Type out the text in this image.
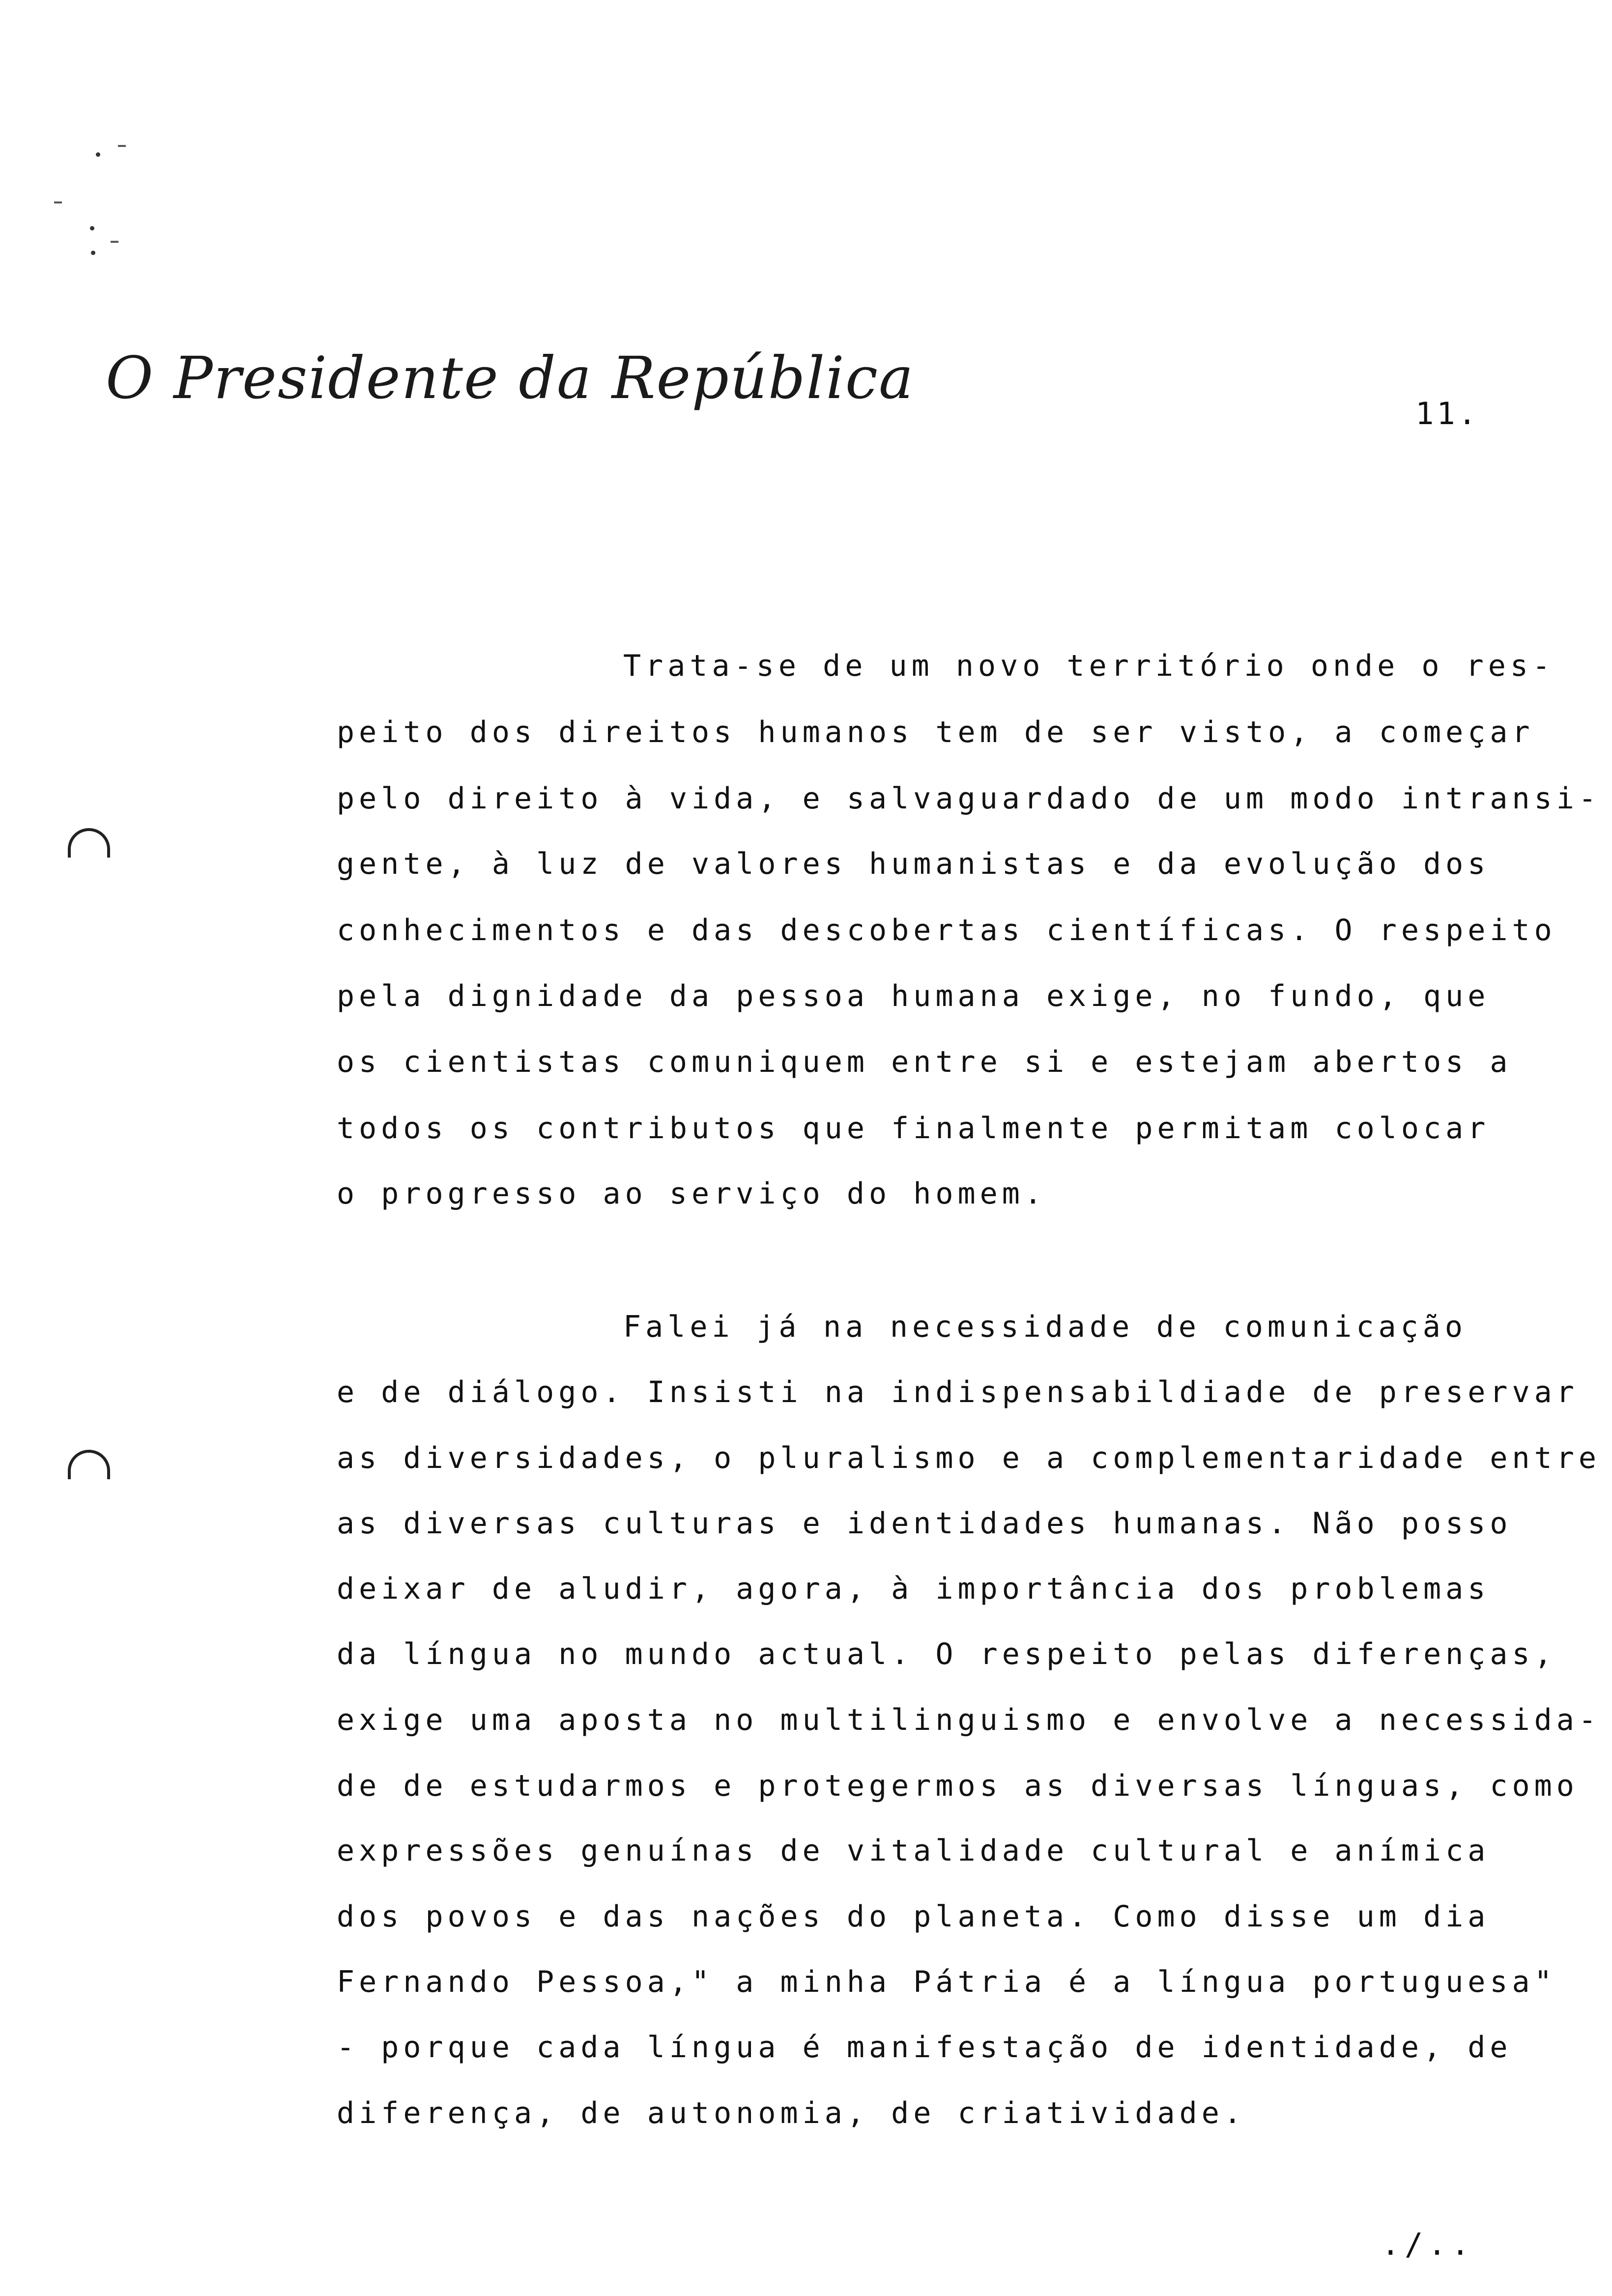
O Presidente da República
11.
Trata-se de um novo território onde o res-
peito dos direitos humanos tem de ser visto, a começar
pelo direito à vida, e salvaguardado de um modo intransi-
gente, à luz de valores humanistas e da evolução dos
conhecimentos e das descobertas científicas. O respeito
pela dignidade da pessoa humana exige, no fundo, que
os cientistas comuniquem entre si e estejam abertos a
todos os contributos que finalmente permitam colocar
o progresso ao serviço do homem.
Falei já na necessidade de comunicação
e de diálogo. Insisti na indispensabildiade de preservar
as diversidades, o pluralismo e a complementaridade entre
as diversas culturas e identidades humanas. Não posso
deixar de aludir, agora, à importância dos problemas
da língua no mundo actual. O respeito pelas diferenças,
exige uma aposta no multilinguismo e envolve a necessida-
de de estudarmos e protegermos as diversas línguas, como
expressões genuínas de vitalidade cultural e anímica
dos povos e das nações do planeta. Como disse um dia
Fernando Pessoa," a minha Pátria é a língua portuguesa"
- porque cada língua é manifestação de identidade, de
diferença, de autonomia, de criatividade.
./..
